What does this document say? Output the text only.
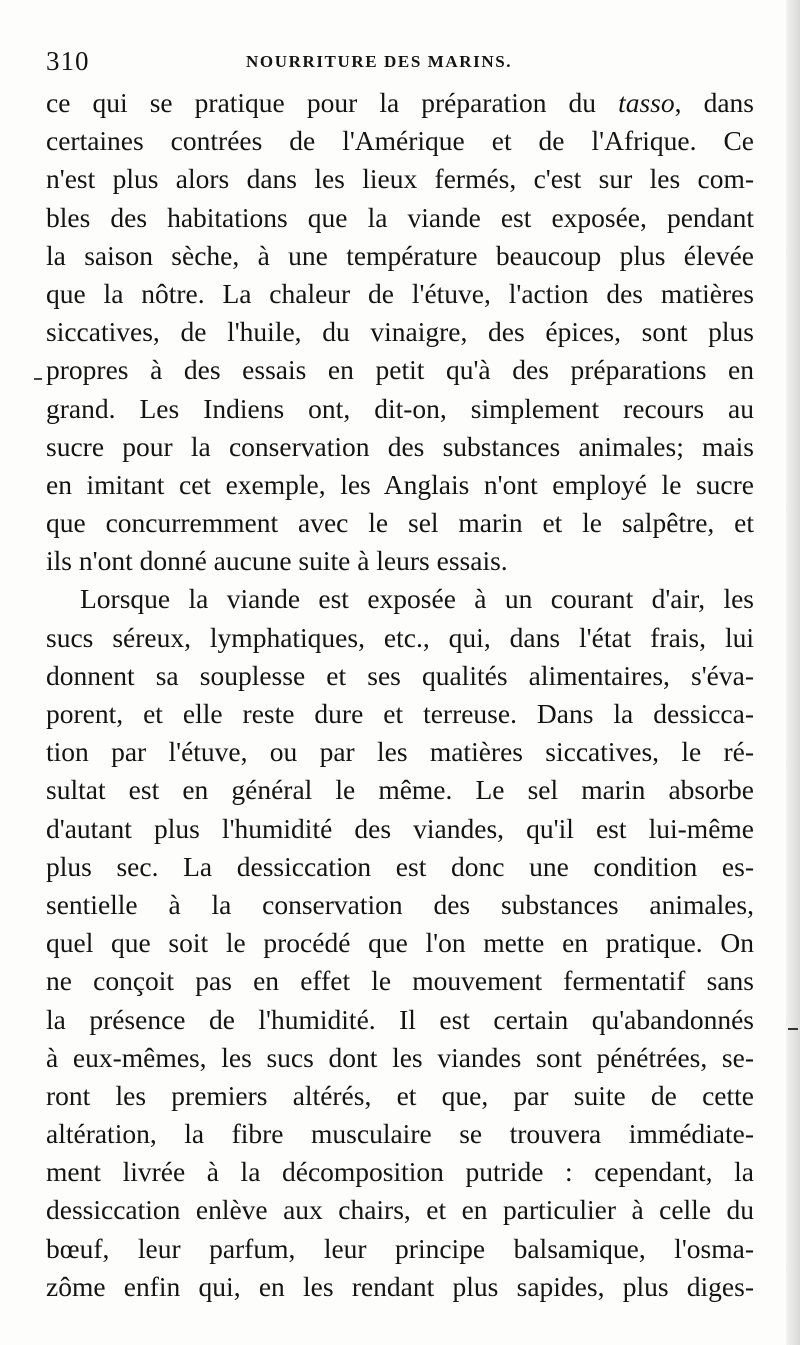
310	NOURRITURE DES MARINS.
ce qui se pratique pour la préparation du tasso, dans
certaines contrées de l'Amérique et de l'Afrique. Ce
n'est plus alors dans les lieux fermés, c'est sur les com-
bles des habitations que la viande est exposée, pendant
la saison sèche, à une température beaucoup plus élevée
que la nôtre. La chaleur de l'étuve, l'action des matières
siccatives, de l'huile, du vinaigre, des épices, sont plus
propres à des essais en petit qu'à des préparations en
grand. Les Indiens ont, dit-on, simplement recours au
sucre pour la conservation des substances animales; mais
en imitant cet exemple, les Anglais n'ont employé le sucre
que concurremment avec le sel marin et le salpêtre, et
ils n'ont donné aucune suite à leurs essais.
Lorsque la viande est exposée à un courant d'air, les
sucs séreux, lymphatiques, etc., qui, dans l'état frais, lui
donnent sa souplesse et ses qualités alimentaires, s'éva-
porent, et elle reste dure et terreuse. Dans la dessicca-
tion par l'étuve, ou par les matières siccatives, le ré-
sultat est en général le même. Le sel marin absorbe
d'autant plus l'humidité des viandes, qu'il est lui-même
plus sec. La dessiccation est donc une condition es-
sentielle à la conservation des substances animales,
quel que soit le procédé que l'on mette en pratique. On
ne conçoit pas en effet le mouvement fermentatif sans
la présence de l'humidité. Il est certain qu'abandonnés
à eux-mêmes, les sucs dont les viandes sont pénétrées, se-
ront les premiers altérés, et que, par suite de cette
altération, la fibre musculaire se trouvera immédiate-
ment livrée à la décomposition putride : cependant, la
dessiccation enlève aux chairs, et en particulier à celle du
bœuf, leur parfum, leur principe balsamique, l'osma-
zôme enfin qui, en les rendant plus sapides, plus diges-
